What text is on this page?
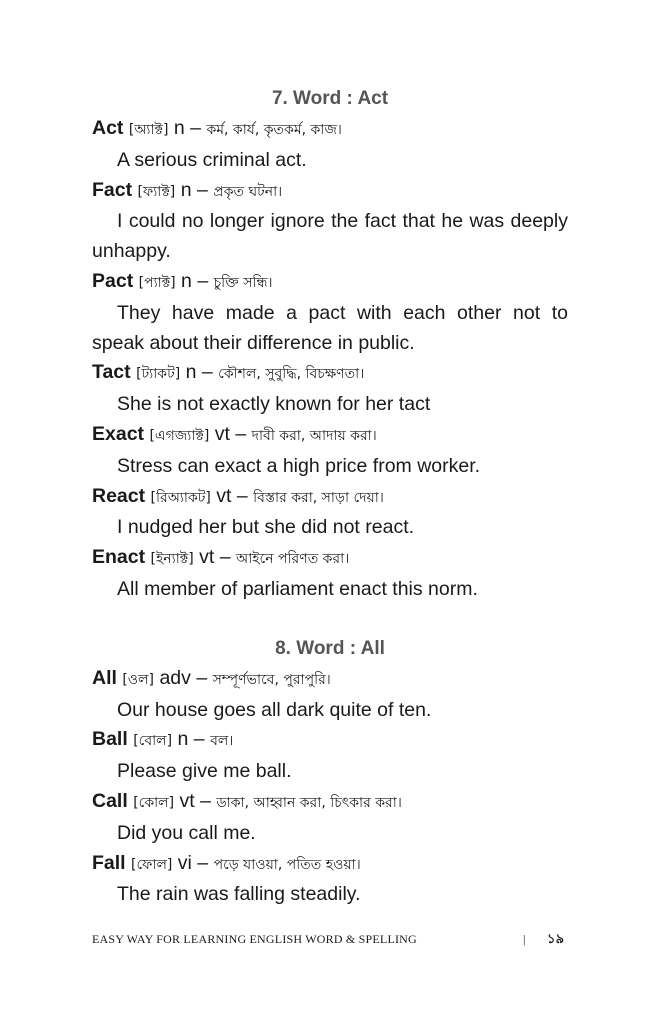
7. Word : Act
Act [অ্যাক্ট] n – কর্ম, কার্য, কৃতকর্ম, কাজ।
A serious criminal act.
Fact [ফ্যাক্ট] n – প্রকৃত ঘটনা।
I could no longer ignore the fact that he was deeply unhappy.
Pact [প্যাক্ট] n – চুক্তি সন্ধি।
They have made a pact with each other not to speak about their difference in public.
Tact [ট্যাকট] n – কৌশল, সুবুদ্ধি, বিচক্ষণতা।
She is not exactly known for her tact
Exact [এগজ্যাক্ট] vt – দাবী করা, আদায় করা।
Stress can exact a high price from worker.
React [রিঅ্যাকট] vt – বিস্তার করা, সাড়া দেয়া।
I nudged her but she did not react.
Enact [ইন্যাক্ট] vt – আইনে পরিণত করা।
All member of parliament enact this norm.
8. Word : All
All [ওল] adv – সম্পূর্ণভাবে, পুরাপুরি।
Our house goes all dark quite of ten.
Ball [বোল] n – বল।
Please give me ball.
Call [কোল] vt – ডাকা, আহ্বান করা, চিৎকার করা।
Did you call me.
Fall [ফোল] vi – পড়ে যাওয়া, পতিত হওয়া।
The rain was falling steadily.
EASY WAY FOR LEARNING ENGLISH WORD & SPELLING	| ১৯
